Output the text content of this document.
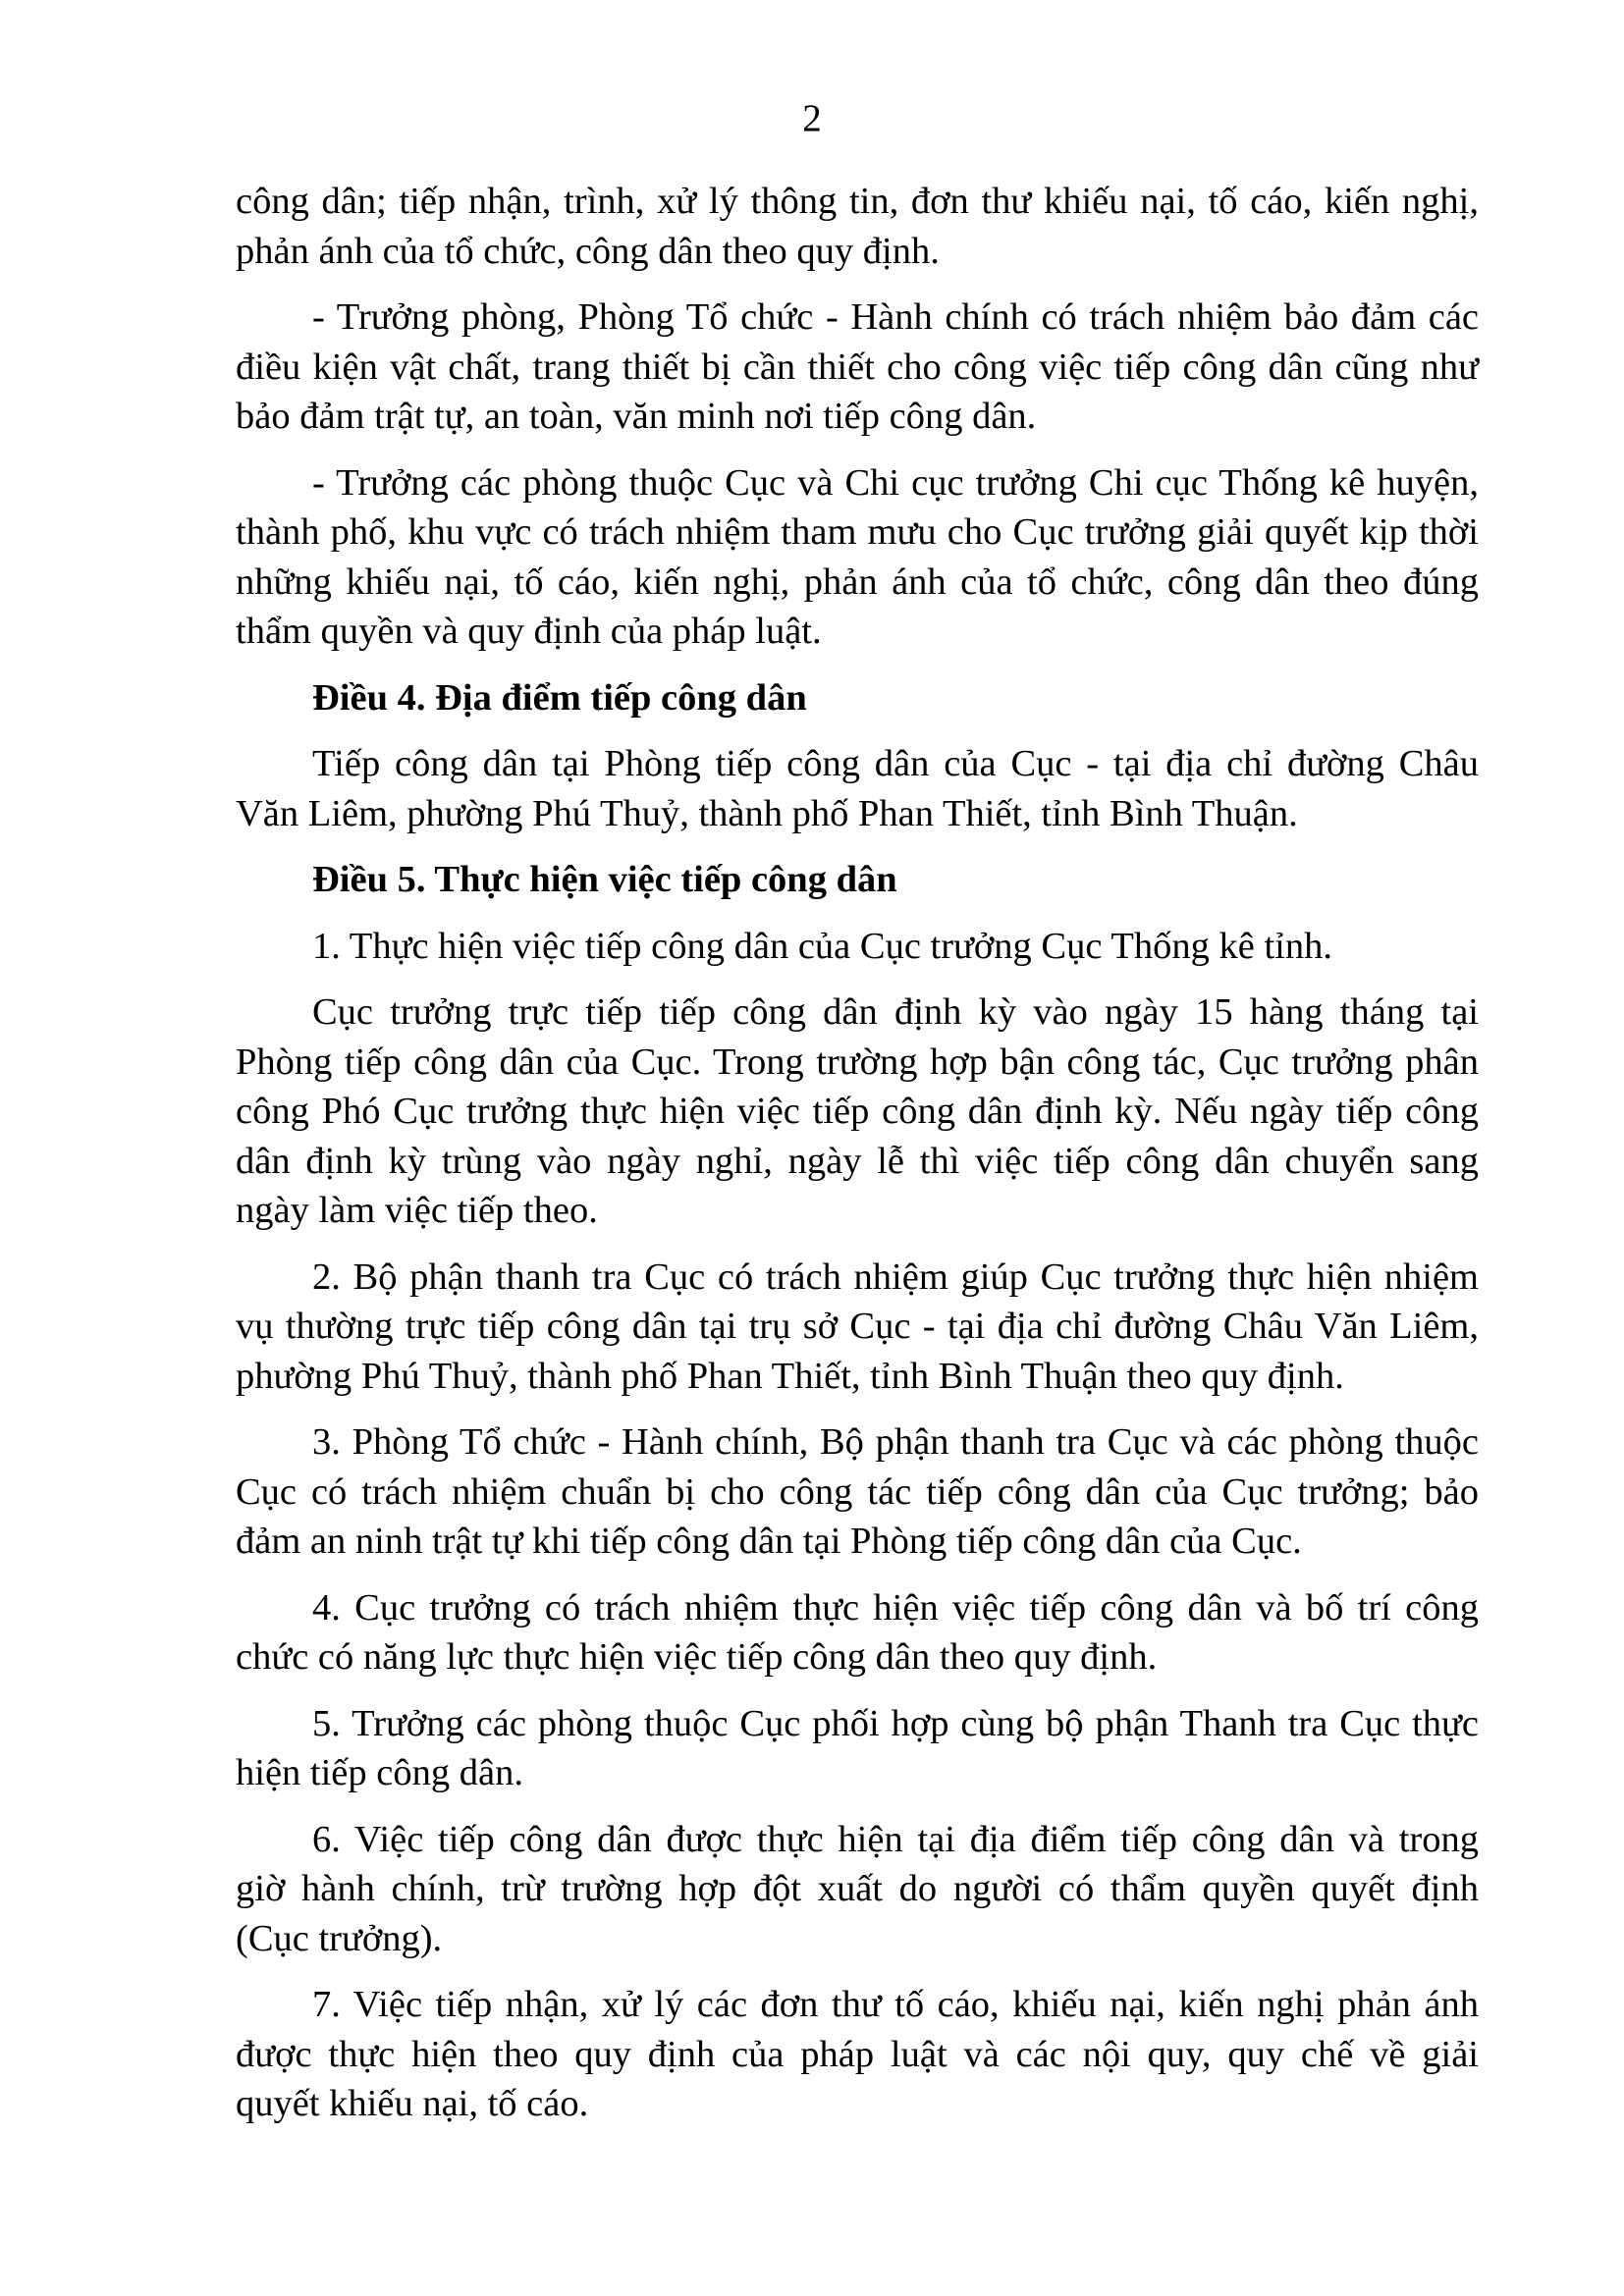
2
công dân; tiếp nhận, trình, xử lý thông tin, đơn thư khiếu nại, tố cáo, kiến nghị,
phản ánh của tổ chức, công dân theo quy định.
- Trưởng phòng, Phòng Tổ chức - Hành chính có trách nhiệm bảo đảm các
điều kiện vật chất, trang thiết bị cần thiết cho công việc tiếp công dân cũng như
bảo đảm trật tự, an toàn, văn minh nơi tiếp công dân.
- Trưởng các phòng thuộc Cục và Chi cục trưởng Chi cục Thống kê huyện,
thành phố, khu vực có trách nhiệm tham mưu cho Cục trưởng giải quyết kịp thời
những khiếu nại, tố cáo, kiến nghị, phản ánh của tổ chức, công dân theo đúng
thẩm quyền và quy định của pháp luật.
Điều 4. Địa điểm tiếp công dân
Tiếp công dân tại Phòng tiếp công dân của Cục - tại địa chỉ đường Châu
Văn Liêm, phường Phú Thuỷ, thành phố Phan Thiết, tỉnh Bình Thuận.
Điều 5. Thực hiện việc tiếp công dân
1. Thực hiện việc tiếp công dân của Cục trưởng Cục Thống kê tỉnh.
Cục trưởng trực tiếp tiếp công dân định kỳ vào ngày 15 hàng tháng tại
Phòng tiếp công dân của Cục. Trong trường hợp bận công tác, Cục trưởng phân
công Phó Cục trưởng thực hiện việc tiếp công dân định kỳ. Nếu ngày tiếp công
dân định kỳ trùng vào ngày nghỉ, ngày lễ thì việc tiếp công dân chuyển sang
ngày làm việc tiếp theo.
2. Bộ phận thanh tra Cục có trách nhiệm giúp Cục trưởng thực hiện nhiệm
vụ thường trực tiếp công dân tại trụ sở Cục - tại địa chỉ đường Châu Văn Liêm,
phường Phú Thuỷ, thành phố Phan Thiết, tỉnh Bình Thuận theo quy định.
3. Phòng Tổ chức - Hành chính, Bộ phận thanh tra Cục và các phòng thuộc
Cục có trách nhiệm chuẩn bị cho công tác tiếp công dân của Cục trưởng; bảo
đảm an ninh trật tự khi tiếp công dân tại Phòng tiếp công dân của Cục.
4. Cục trưởng có trách nhiệm thực hiện việc tiếp công dân và bố trí công
chức có năng lực thực hiện việc tiếp công dân theo quy định.
5. Trưởng các phòng thuộc Cục phối hợp cùng bộ phận Thanh tra Cục thực
hiện tiếp công dân.
6. Việc tiếp công dân được thực hiện tại địa điểm tiếp công dân và trong
giờ hành chính, trừ trường hợp đột xuất do người có thẩm quyền quyết định
(Cục trưởng).
7. Việc tiếp nhận, xử lý các đơn thư tố cáo, khiếu nại, kiến nghị phản ánh
được thực hiện theo quy định của pháp luật và các nội quy, quy chế về giải
quyết khiếu nại, tố cáo.
